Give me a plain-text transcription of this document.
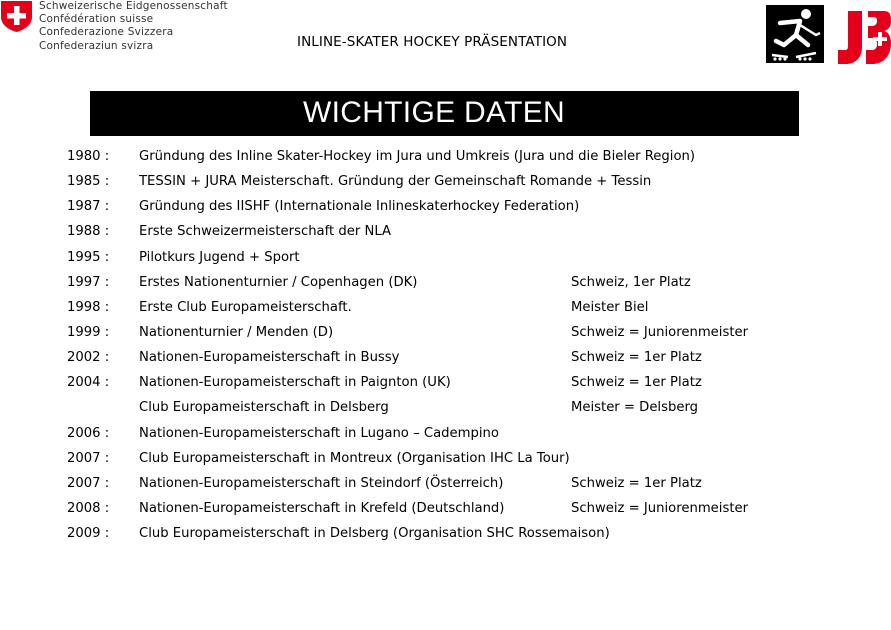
Schweizerische Eidgenossenschaft
Confédération suisse
Confederazione Svizzera
Confederaziun svizra	INLINE-SKATER HOCKEY PRÄSENTATION
WICHTIGE DATEN
1980 : Gründung des Inline Skater-Hockey im Jura und Umkreis (Jura und die Bieler Region)
1985 : TESSIN + JURA Meisterschaft. Gründung der Gemeinschaft Romande + Tessin
1987 : Gründung des IISHF (Internationale Inlineskaterhockey Federation)
1988 : Erste Schweizermeisterschaft der NLA
1995 : Pilotkurs Jugend + Sport
1997 : Erstes Nationenturnier / Copenhagen (DK)	Schweiz, 1er Platz
1998 : Erste Club Europameisterschaft.	Meister Biel
1999 : Nationenturnier / Menden (D)	Schweiz = Juniorenmeister
2002 : Nationen-Europameisterschaft in Bussy	Schweiz = 1er Platz
2004 : Nationen-Europameisterschaft in Paignton (UK)	Schweiz = 1er Platz
Club Europameisterschaft in Delsberg	Meister = Delsberg
2006 : Nationen-Europameisterschaft in Lugano – Cadempino
2007 : Club Europameisterschaft in Montreux (Organisation IHC La Tour)
2007 : Nationen-Europameisterschaft in Steindorf (Österreich)	Schweiz = 1er Platz
2008 : Nationen-Europameisterschaft in Krefeld (Deutschland)	Schweiz = Juniorenmeister
2009 : Club Europameisterschaft in Delsberg (Organisation SHC Rossemaison)
